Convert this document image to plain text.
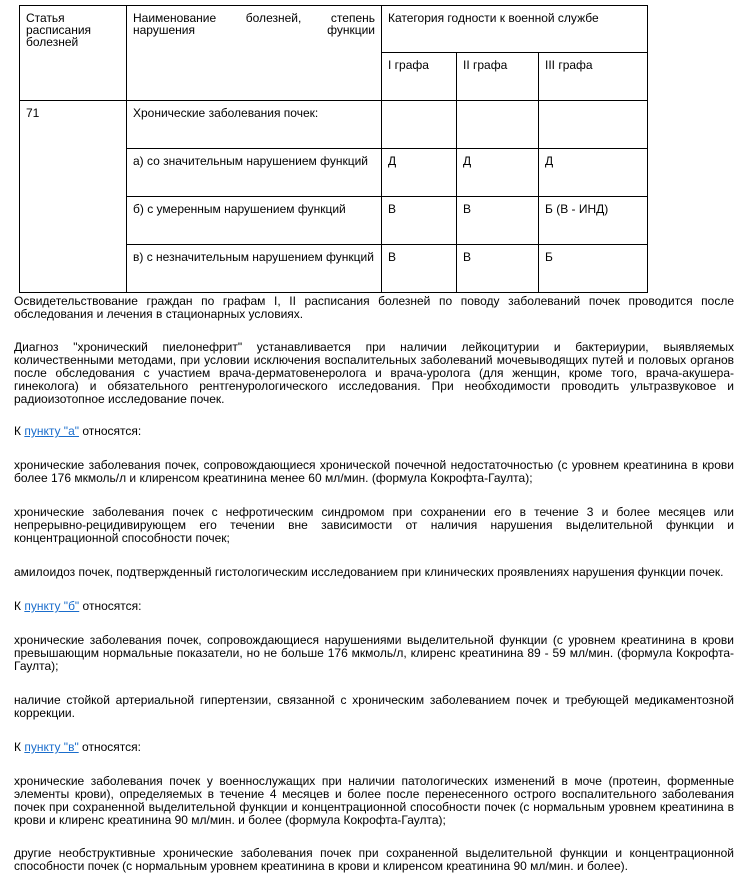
Статья расписания болезней	Наименование болезней, степень нарушения функции	Категория годности к военной службе		
		I графа	II графа	III графа
71	Хронические заболевания почек:			
	а) со значительным нарушением функций	Д	Д	Д
	б) с умеренным нарушением функций	В	В	Б (В - ИНД)
	в) с незначительным нарушением функций	В	В	Б

Освидетельствование граждан по графам I, II расписания болезней по поводу заболеваний почек проводится после обследования и лечения в стационарных условиях.

Диагноз "хронический пиелонефрит" устанавливается при наличии лейкоцитурии и бактериурии, выявляемых количественными методами, при условии исключения воспалительных заболеваний мочевыводящих путей и половых органов после обследования с участием врача-дерматовенеролога и врача-уролога (для женщин, кроме того, врача-акушера-гинеколога) и обязательного рентгенурологического исследования. При необходимости проводить ультразвуковое и радиоизотопное исследование почек.

К пункту "а" относятся:

хронические заболевания почек, сопровождающиеся хронической почечной недостаточностью (с уровнем креатинина в крови более 176 мкмоль/л и клиренсом креатинина менее 60 мл/мин. (формула Кокрофта-Гаулта);

хронические заболевания почек с нефротическим синдромом при сохранении его в течение 3 и более месяцев или непрерывно-рецидивирующем его течении вне зависимости от наличия нарушения выделительной функции и концентрационной способности почек;

амилоидоз почек, подтвержденный гистологическим исследованием при клинических проявлениях нарушения функции почек.

К пункту "б" относятся:

хронические заболевания почек, сопровождающиеся нарушениями выделительной функции (с уровнем креатинина в крови превышающим нормальные показатели, но не больше 176 мкмоль/л, клиренс креатинина 89 - 59 мл/мин. (формула Кокрофта-Гаулта);

наличие стойкой артериальной гипертензии, связанной с хроническим заболеванием почек и требующей медикаментозной коррекции.

К пункту "в" относятся:

хронические заболевания почек у военнослужащих при наличии патологических изменений в моче (протеин, форменные элементы крови), определяемых в течение 4 месяцев и более после перенесенного острого воспалительного заболевания почек при сохраненной выделительной функции и концентрационной способности почек (с нормальным уровнем креатинина в крови и клиренс креатинина 90 мл/мин. и более (формула Кокрофта-Гаулта);

другие необструктивные хронические заболевания почек при сохраненной выделительной функции и концентрационной способности почек (с нормальным уровнем креатинина в крови и клиренсом креатинина 90 мл/мин. и более).
